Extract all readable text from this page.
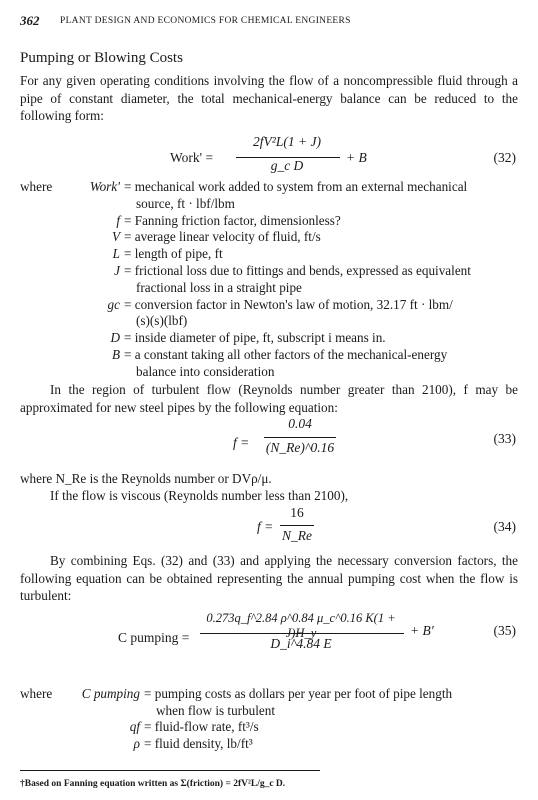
362 PLANT DESIGN AND ECONOMICS FOR CHEMICAL ENGINEERS
Pumping or Blowing Costs
For any given operating conditions involving the flow of a noncompressible fluid through a pipe of constant diameter, the total mechanical-energy balance can be reduced to the following form:
Work' =
2fV²L(1 + J)
g_c D
+ B	(32)
where	Work' = mechanical work added to system from an external mechanical
source, ft · lbf/lbm
f = Fanning friction factor, dimensionless?
V = average linear velocity of fluid, ft/s
L = length of pipe, ft
J = frictional loss due to fittings and bends, expressed as equivalent
fractional loss in a straight pipe
gc = conversion factor in Newton's law of motion, 32.17 ft · lbm/
(s)(s)(lbf)
D = inside diameter of pipe, ft, subscript i means in.
B = a constant taking all other factors of the mechanical-energy
balance into consideration
In the region of turbulent flow (Reynolds number greater than 2100), f may be approximated for new steel pipes by the following equation:
f =
0.04
(N_Re)^0.16
(33)
where N_Re is the Reynolds number or DVρ/μ.
If the flow is viscous (Reynolds number less than 2100),
f =
16
N_Re
(34)
By combining Eqs. (32) and (33) and applying the necessary conversion factors, the following equation can be obtained representing the annual pumping cost when the flow is turbulent:
C pumping =
0.273q_f^2.84 ρ^0.84 μ_c^0.16 K(1 + J)H_y
D_i^4.84 E
+ B'	(35)
where C pumping = pumping costs as dollars per year per foot of pipe length
when flow is turbulent
qf = fluid-flow rate, ft³/s
ρ = fluid density, lb/ft³
†Based on Fanning equation written as Σ(friction) = 2fV²L/g_c D.
